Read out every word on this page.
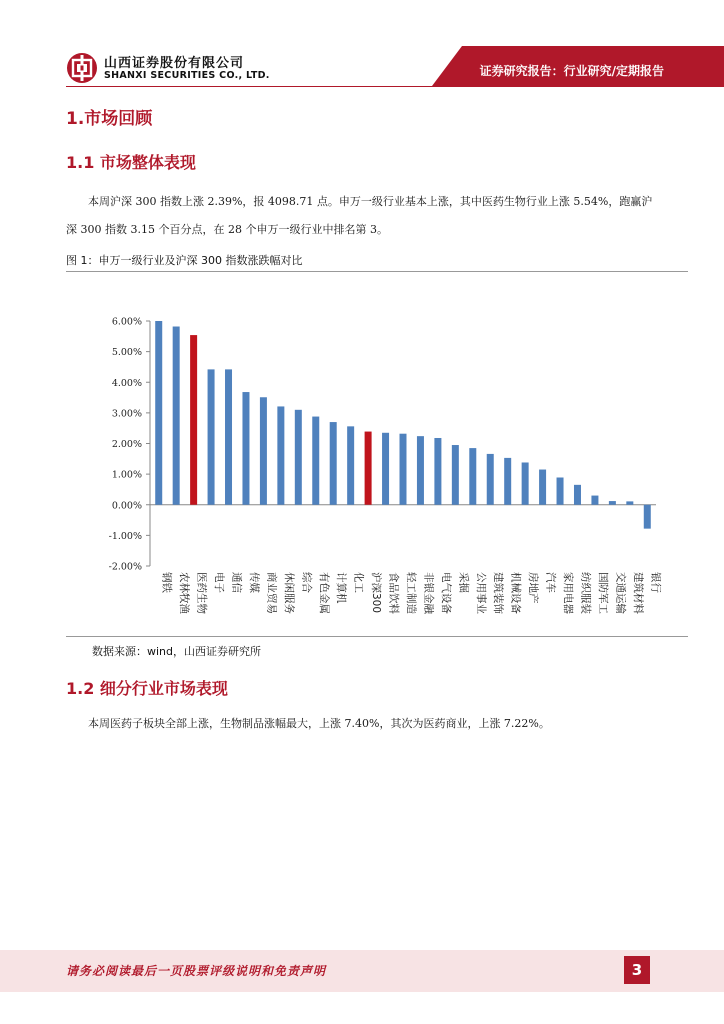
山西证券股份有限公司
SHANXI SECURITIES CO., LTD.	证券研究报告：行业研究/定期报告
1.市场回顾
1.1 市场整体表现

本周沪深 300 指数上涨 2.39%，报 4098.71 点。申万一级行业基本上涨，其中医药生物行业上涨 5.54%，跑赢沪深 300 指数 3.15 个百分点，在 28 个申万一级行业中排名第 3。

图 1：申万一级行业及沪深 300 指数涨跌幅对比
6.00%
5.00%
4.00%
3.00%
2.00%
1.00%
0.00%
-1.00%
-2.00%
钢铁 农林牧渔 医药生物 电子 通信 传媒 商业贸易 休闲服务 综合 有色金属 计算机 化工 沪深300 食品饮料 轻工制造 非银金融 电气设备 采掘 公用事业 建筑装饰 机械设备 房地产 汽车 家用电器 纺织服装 国防军工 交通运输 建筑材料 银行
数据来源：wind，山西证券研究所
1.2 细分行业市场表现

本周医药子板块全部上涨，生物制品涨幅最大，上涨 7.40%，其次为医药商业，上涨 7.22%。

请务必阅读最后一页股票评级说明和免责声明	3
